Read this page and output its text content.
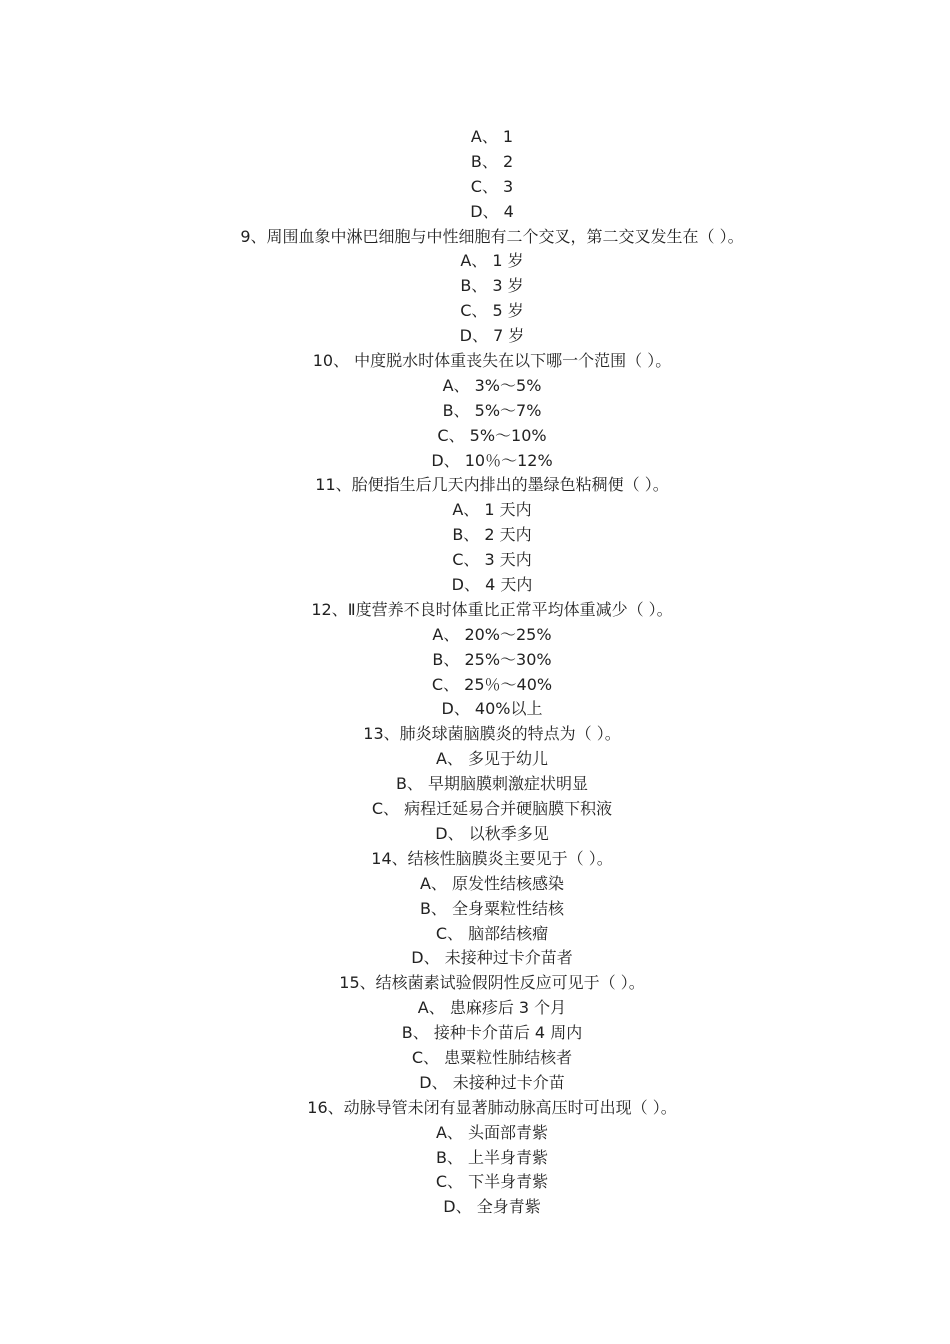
A、 1
B、 2
C、 3
D、 4
9、周围血象中淋巴细胞与中性细胞有二个交叉，第二交叉发生在（ ）。
A、 1 岁
B、 3 岁
C、 5 岁
D、 7 岁
10、 中度脱水时体重丧失在以下哪一个范围（ ）。
A、 3%～5%
B、 5%～7%
C、 5%～10%
D、 10％～12%
11、胎便指生后几天内排出的墨绿色粘稠便（ ）。
A、 1 天内
B、 2 天内
C、 3 天内
D、 4 天内
12、Ⅱ度营养不良时体重比正常平均体重减少（ ）。
A、 20%～25%
B、 25%～30%
C、 25％～40%
D、 40%以上
13、肺炎球菌脑膜炎的特点为（ ）。
A、 多见于幼儿
B、 早期脑膜刺激症状明显
C、 病程迁延易合并硬脑膜下积液
D、 以秋季多见
14、结核性脑膜炎主要见于（ ）。
A、 原发性结核感染
B、 全身粟粒性结核
C、 脑部结核瘤
D、 未接种过卡介苗者
15、结核菌素试验假阴性反应可见于（ ）。
A、 患麻疹后 3 个月
B、 接种卡介苗后 4 周内
C、 患粟粒性肺结核者
D、 未接种过卡介苗
16、动脉导管未闭有显著肺动脉高压时可出现（ ）。
A、 头面部青紫
B、 上半身青紫
C、 下半身青紫
D、 全身青紫
